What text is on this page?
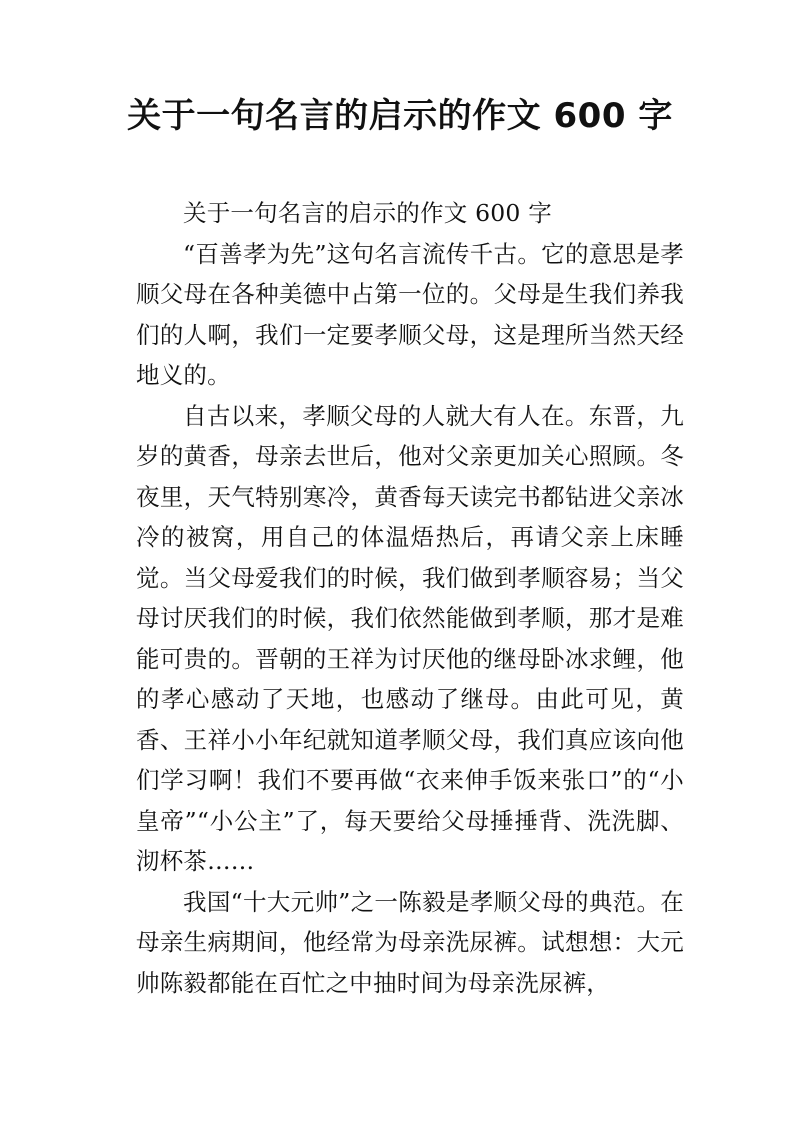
关于一句名言的启示的作文 600 字

关于一句名言的启示的作文 600 字

“百善孝为先”这句名言流传千古。它的意思是孝顺父母在各种美德中占第一位的。父母是生我们养我们的人啊，我们一定要孝顺父母，这是理所当然天经地义的。

自古以来，孝顺父母的人就大有人在。东晋，九岁的黄香，母亲去世后，他对父亲更加关心照顾。冬夜里，天气特别寒冷，黄香每天读完书都钻进父亲冰冷的被窝，用自己的体温焐热后，再请父亲上床睡觉。当父母爱我们的时候，我们做到孝顺容易；当父母讨厌我们的时候，我们依然能做到孝顺，那才是难能可贵的。晋朝的王祥为讨厌他的继母卧冰求鲤，他的孝心感动了天地，也感动了继母。由此可见，黄香、王祥小小年纪就知道孝顺父母，我们真应该向他们学习啊！我们不要再做“衣来伸手饭来张口”的“小皇帝”“小公主”了，每天要给父母捶捶背、洗洗脚、沏杯茶……

我国“十大元帅”之一陈毅是孝顺父母的典范。在母亲生病期间，他经常为母亲洗尿裤。试想想：大元帅陈毅都能在百忙之中抽时间为母亲洗尿裤，
